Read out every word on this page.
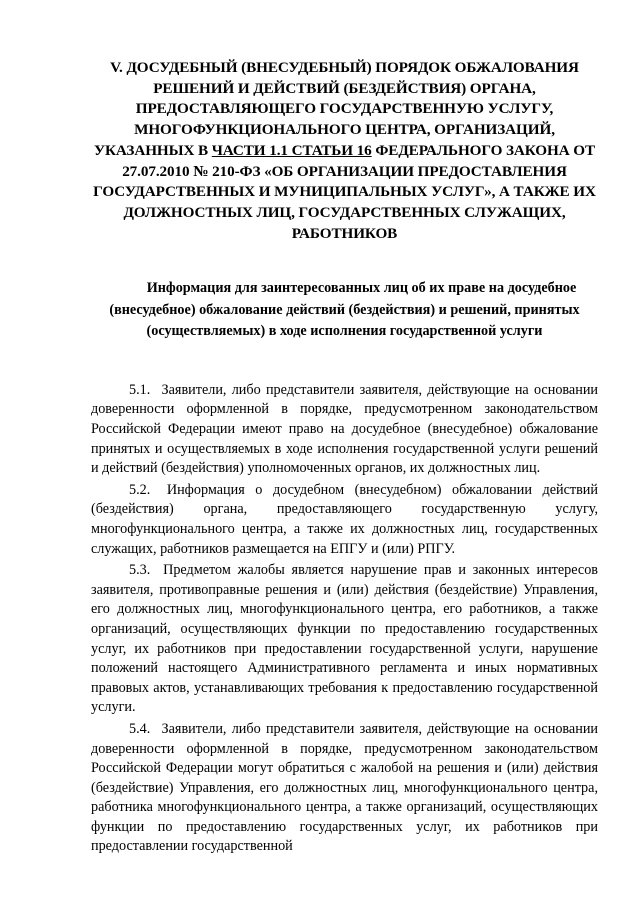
V. ДОСУДЕБНЫЙ (ВНЕСУДЕБНЫЙ) ПОРЯДОК ОБЖАЛОВАНИЯ РЕШЕНИЙ И ДЕЙСТВИЙ (БЕЗДЕЙСТВИЯ) ОРГАНА, ПРЕДОСТАВЛЯЮЩЕГО ГОСУДАРСТВЕННУЮ УСЛУГУ, МНОГОФУНКЦИОНАЛЬНОГО ЦЕНТРА, ОРГАНИЗАЦИЙ, УКАЗАННЫХ В ЧАСТИ 1.1 СТАТЬИ 16 ФЕДЕРАЛЬНОГО ЗАКОНА ОТ 27.07.2010 № 210-ФЗ «ОБ ОРГАНИЗАЦИИ ПРЕДОСТАВЛЕНИЯ ГОСУДАРСТВЕННЫХ И МУНИЦИПАЛЬНЫХ УСЛУГ», А ТАКЖЕ ИХ ДОЛЖНОСТНЫХ ЛИЦ, ГОСУДАРСТВЕННЫХ СЛУЖАЩИХ, РАБОТНИКОВ
Информация для заинтересованных лиц об их праве на досудебное (внесудебное) обжалование действий (бездействия) и решений, принятых (осуществляемых) в ходе исполнения государственной услуги

5.1. Заявители, либо представители заявителя, действующие на основании доверенности оформленной в порядке, предусмотренном законодательством Российской Федерации имеют право на досудебное (внесудебное) обжалование принятых и осуществляемых в ходе исполнения государственной услуги решений и действий (бездействия) уполномоченных органов, их должностных лиц.

5.2. Информация о досудебном (внесудебном) обжаловании действий (бездействия) органа, предоставляющего государственную услугу, многофункционального центра, а также их должностных лиц, государственных служащих, работников размещается на ЕПГУ и (или) РПГУ.

5.3. Предметом жалобы является нарушение прав и законных интересов заявителя, противоправные решения и (или) действия (бездействие) Управления, его должностных лиц, многофункционального центра, его работников, а также организаций, осуществляющих функции по предоставлению государственных услуг, их работников при предоставлении государственной услуги, нарушение положений настоящего Административного регламента и иных нормативных правовых актов, устанавливающих требования к предоставлению государственной услуги.

5.4. Заявители, либо представители заявителя, действующие на основании доверенности оформленной в порядке, предусмотренном законодательством Российской Федерации могут обратиться с жалобой на решения и (или) действия (бездействие) Управления, его должностных лиц, многофункционального центра, работника многофункционального центра, а также организаций, осуществляющих функции по предоставлению государственных услуг, их работников при предоставлении государственной
